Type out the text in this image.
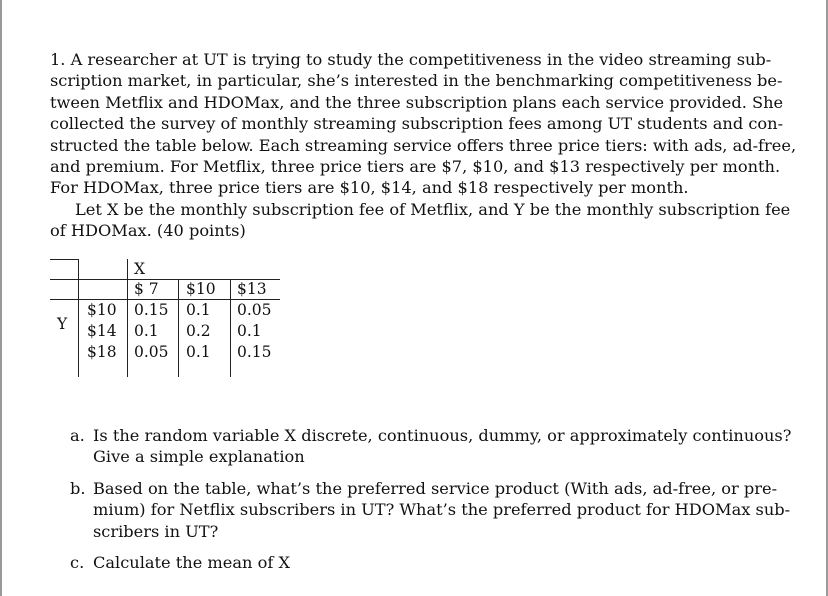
1. A researcher at UT is trying to study the competitiveness in the video streaming sub-
scription market, in particular, she’s interested in the benchmarking competitiveness be-
tween Metflix and HDOMax, and the three subscription plans each service provided. She
collected the survey of monthly streaming subscription fees among UT students and con-
structed the table below. Each streaming service offers three price tiers: with ads, ad-free,
and premium. For Metflix, three price tiers are $7, $10, and $13 respectively per month.
For HDOMax, three price tiers are $10, $14, and $18 respectively per month.
Let X be the monthly subscription fee of Metflix, and Y be the monthly subscription fee
of HDOMax. (40 points)

X
$ 7 $10 $13
Y
$10
$14
$18
0.15 0.1 0.05
0.1 0.2 0.1
0.05 0.1 0.15
a. Is the random variable X discrete, continuous, dummy, or approximately continuous?
Give a simple explanation
b. Based on the table, what’s the preferred service product (With ads, ad-free, or pre-
mium) for Netflix subscribers in UT? What’s the preferred product for HDOMax sub-
scribers in UT?
c. Calculate the mean of X
